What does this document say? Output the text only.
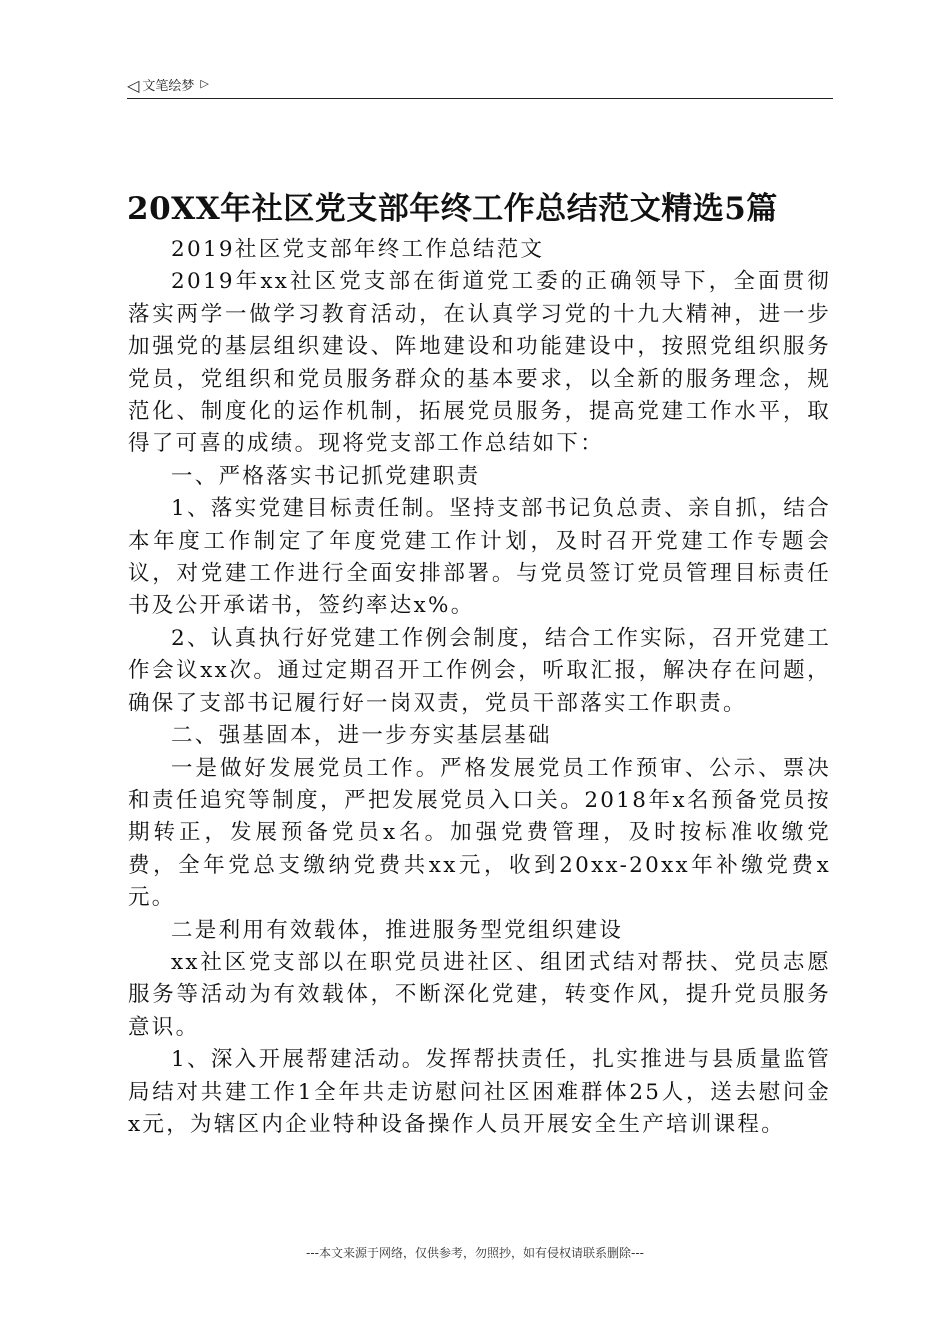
◁ 文笔绘梦 ▷
20XX年社区党支部年终工作总结范文精选5篇

2019社区党支部年终工作总结范文

2019年xx社区党支部在街道党工委的正确领导下，全面贯彻落实两学一做学习教育活动，在认真学习党的十九大精神，进一步加强党的基层组织建设、阵地建设和功能建设中，按照党组织服务党员，党组织和党员服务群众的基本要求，以全新的服务理念，规范化、制度化的运作机制，拓展党员服务，提高党建工作水平，取得了可喜的成绩。现将党支部工作总结如下：

一、严格落实书记抓党建职责

1、落实党建目标责任制。坚持支部书记负总责、亲自抓，结合本年度工作制定了年度党建工作计划，及时召开党建工作专题会议，对党建工作进行全面安排部署。与党员签订党员管理目标责任书及公开承诺书，签约率达x%。

2、认真执行好党建工作例会制度，结合工作实际，召开党建工作会议xx次。通过定期召开工作例会，听取汇报，解决存在问题，确保了支部书记履行好一岗双责，党员干部落实工作职责。

二、强基固本，进一步夯实基层基础

一是做好发展党员工作。严格发展党员工作预审、公示、票决和责任追究等制度，严把发展党员入口关。2018年x名预备党员按期转正，发展预备党员x名。加强党费管理，及时按标准收缴党费，全年党总支缴纳党费共xx元，收到20xx-20xx年补缴党费x元。

二是利用有效载体，推进服务型党组织建设

xx社区党支部以在职党员进社区、组团式结对帮扶、党员志愿服务等活动为有效载体，不断深化党建，转变作风，提升党员服务意识。

1、深入开展帮建活动。发挥帮扶责任，扎实推进与县质量监管局结对共建工作1全年共走访慰问社区困难群体25人，送去慰问金x元，为辖区内企业特种设备操作人员开展安全生产培训课程。

---本文来源于网络，仅供参考，勿照抄，如有侵权请联系删除---
